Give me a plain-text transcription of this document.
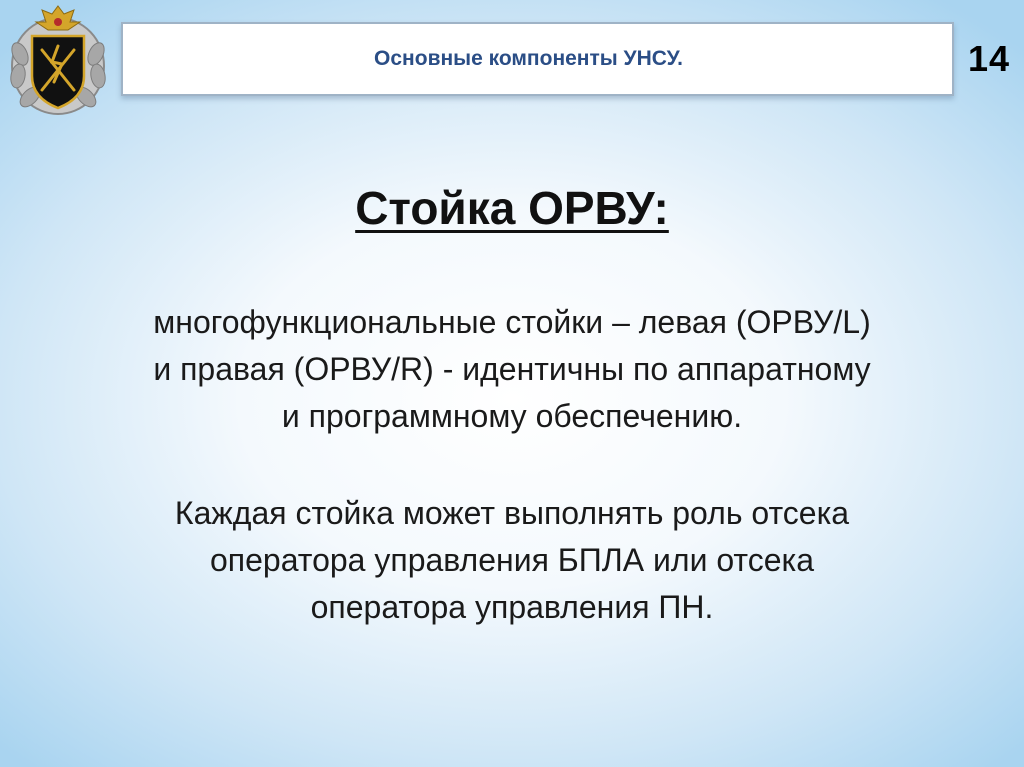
Основные компоненты УНСУ.	14
Стойка ОРВУ:
многофункциональные стойки – левая (ОРВУ/L)
и правая (ОРВУ/R) - идентичны по аппаратному
и программному обеспечению.
Каждая стойка может выполнять роль отсека
оператора управления БПЛА или отсека
оператора управления ПН.
